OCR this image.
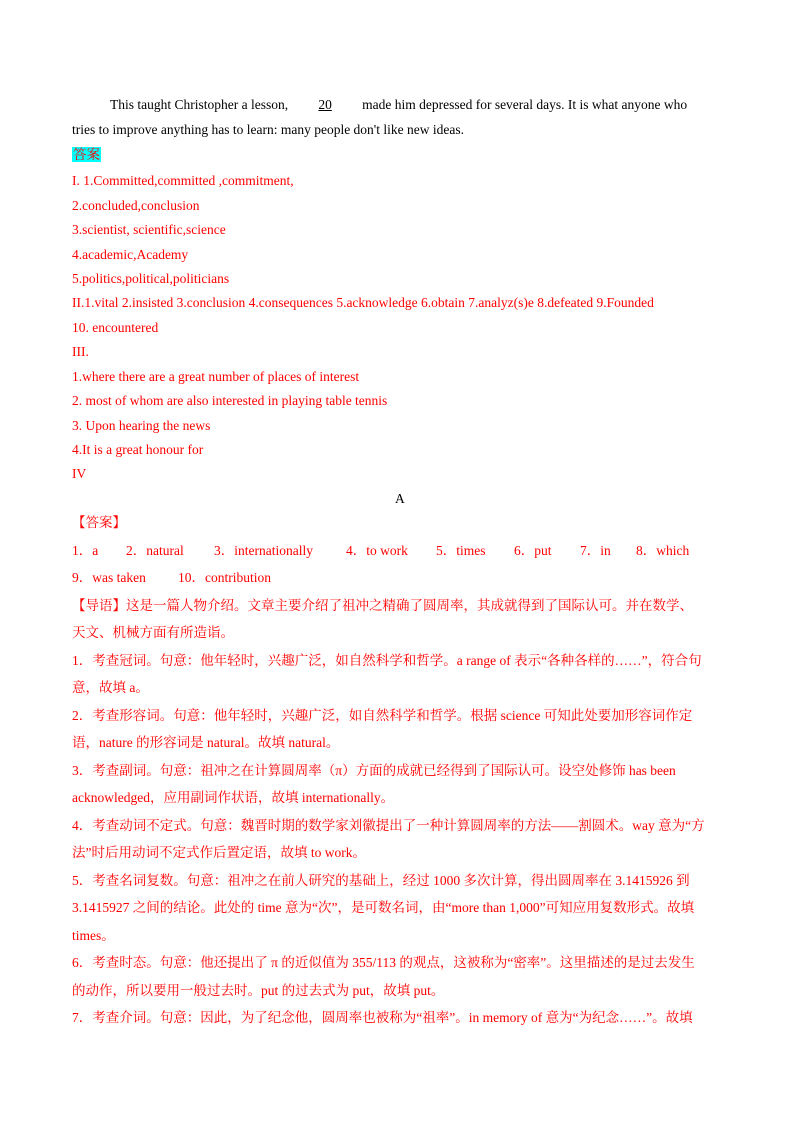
This taught Christopher a lesson, 20 made him depressed for several days. It is what anyone who
tries to improve anything has to learn: many people don't like new ideas.
答案
I. 1.Committed,committed ,commitment,
2.concluded,conclusion
3.scientist, scientific,science
4.academic,Academy
5.politics,political,politicians
II.1.vital 2.insisted 3.conclusion 4.consequences 5.acknowledge 6.obtain 7.analyz(s)e 8.defeated 9.Founded
10. encountered
III.
1.where there are a great number of places of interest
2. most of whom are also interested in playing table tennis
3. Upon hearing the news
4.It is a great honour for
IV
A
【答案】
1．a 2．natural 3．internationally 4．to work 5．times 6．put 7．in 8．which
9．was taken 10．contribution
【导语】这是一篇人物介绍。文章主要介绍了祖冲之精确了圆周率，其成就得到了国际认可。并在数学、
天文、机械方面有所造诣。
1．考查冠词。句意：他年轻时，兴趣广泛，如自然科学和哲学。a range of 表示“各种各样的……”，符合句
意，故填 a。
2．考查形容词。句意：他年轻时，兴趣广泛，如自然科学和哲学。根据 science 可知此处要加形容词作定
语，nature 的形容词是 natural。故填 natural。
3．考查副词。句意：祖冲之在计算圆周率（π）方面的成就已经得到了国际认可。设空处修饰 has been
acknowledged，应用副词作状语，故填 internationally。
4．考查动词不定式。句意：魏晋时期的数学家刘徽提出了一种计算圆周率的方法——割圆术。way 意为“方
法”时后用动词不定式作后置定语，故填 to work。
5．考查名词复数。句意：祖冲之在前人研究的基础上，经过 1000 多次计算，得出圆周率在 3.1415926 到
3.1415927 之间的结论。此处的 time 意为“次”，是可数名词，由“more than 1,000”可知应用复数形式。故填
times。
6．考查时态。句意：他还提出了 π 的近似值为 355/113 的观点，这被称为“密率”。这里描述的是过去发生
的动作，所以要用一般过去时。put 的过去式为 put，故填 put。
7．考查介词。句意：因此，为了纪念他，圆周率也被称为“祖率”。in memory of 意为“为纪念……”。故填
